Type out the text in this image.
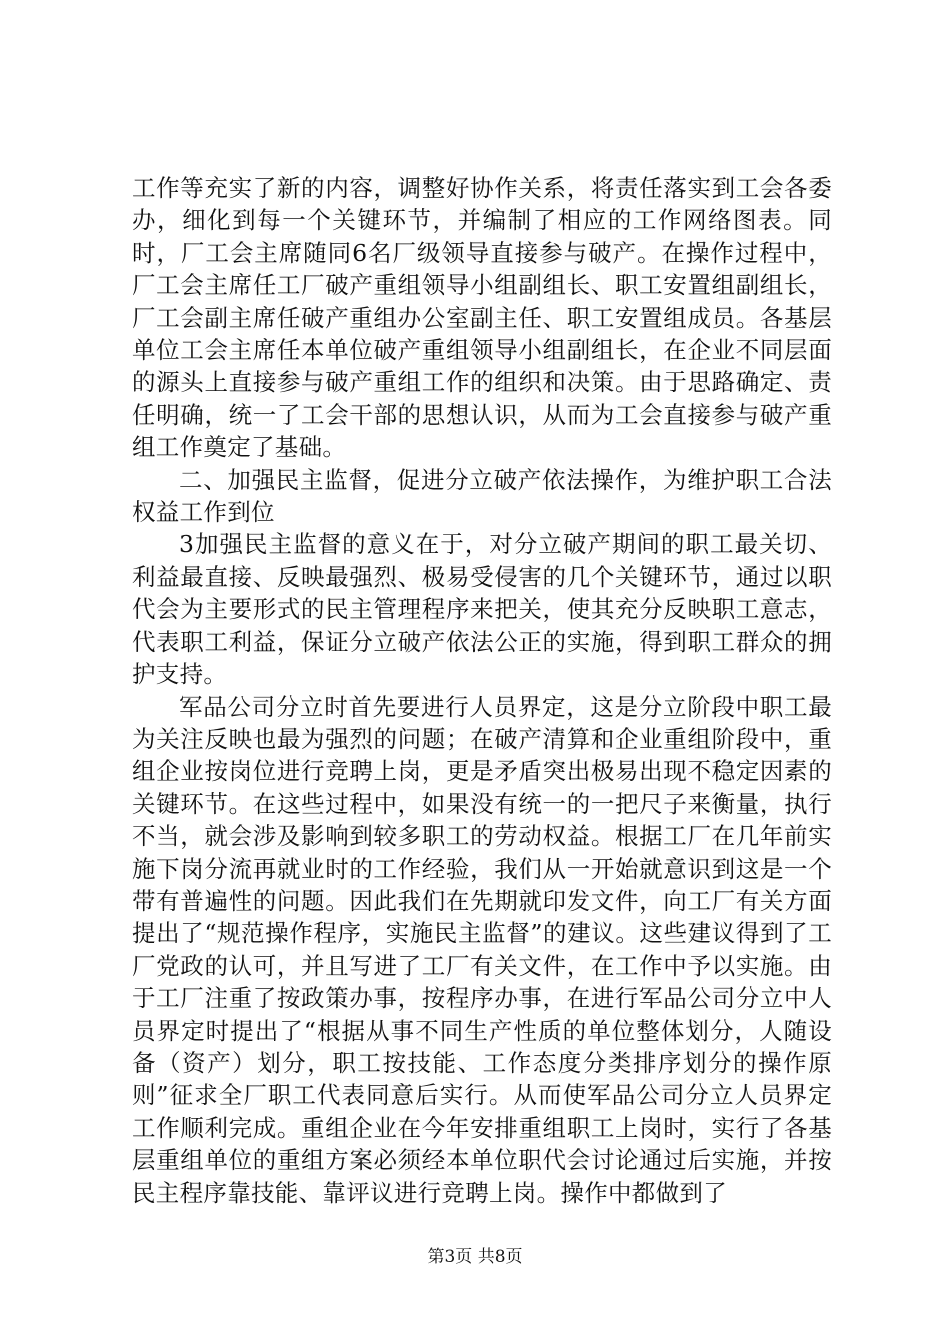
工作等充实了新的内容，调整好协作关系，将责任落实到工会各委办，细化到每一个关键环节，并编制了相应的工作网络图表。同时，厂工会主席随同6名厂级领导直接参与破产。在操作过程中，厂工会主席任工厂破产重组领导小组副组长、职工安置组副组长，厂工会副主席任破产重组办公室副主任、职工安置组成员。各基层单位工会主席任本单位破产重组领导小组副组长，在企业不同层面的源头上直接参与破产重组工作的组织和决策。由于思路确定、责任明确，统一了工会干部的思想认识，从而为工会直接参与破产重组工作奠定了基础。

二、加强民主监督，促进分立破产依法操作，为维护职工合法权益工作到位

3加强民主监督的意义在于，对分立破产期间的职工最关切、利益最直接、反映最强烈、极易受侵害的几个关键环节，通过以职代会为主要形式的民主管理程序来把关，使其充分反映职工意志，代表职工利益，保证分立破产依法公正的实施，得到职工群众的拥护支持。

军品公司分立时首先要进行人员界定，这是分立阶段中职工最为关注反映也最为强烈的问题；在破产清算和企业重组阶段中，重组企业按岗位进行竞聘上岗，更是矛盾突出极易出现不稳定因素的关键环节。在这些过程中，如果没有统一的一把尺子来衡量，执行不当，就会涉及影响到较多职工的劳动权益。根据工厂在几年前实施下岗分流再就业时的工作经验，我们从一开始就意识到这是一个带有普遍性的问题。因此我们在先期就印发文件，向工厂有关方面提出了“规范操作程序，实施民主监督”的建议。这些建议得到了工厂党政的认可，并且写进了工厂有关文件，在工作中予以实施。由于工厂注重了按政策办事，按程序办事，在进行军品公司分立中人员界定时提出了“根据从事不同生产性质的单位整体划分，人随设备（资产）划分，职工按技能、工作态度分类排序划分的操作原则”征求全厂职工代表同意后实行。从而使军品公司分立人员界定工作顺利完成。重组企业在今年安排重组职工上岗时，实行了各基层重组单位的重组方案必须经本单位职代会讨论通过后实施，并按民主程序靠技能、靠评议进行竞聘上岗。操作中都做到了

第3页 共8页
